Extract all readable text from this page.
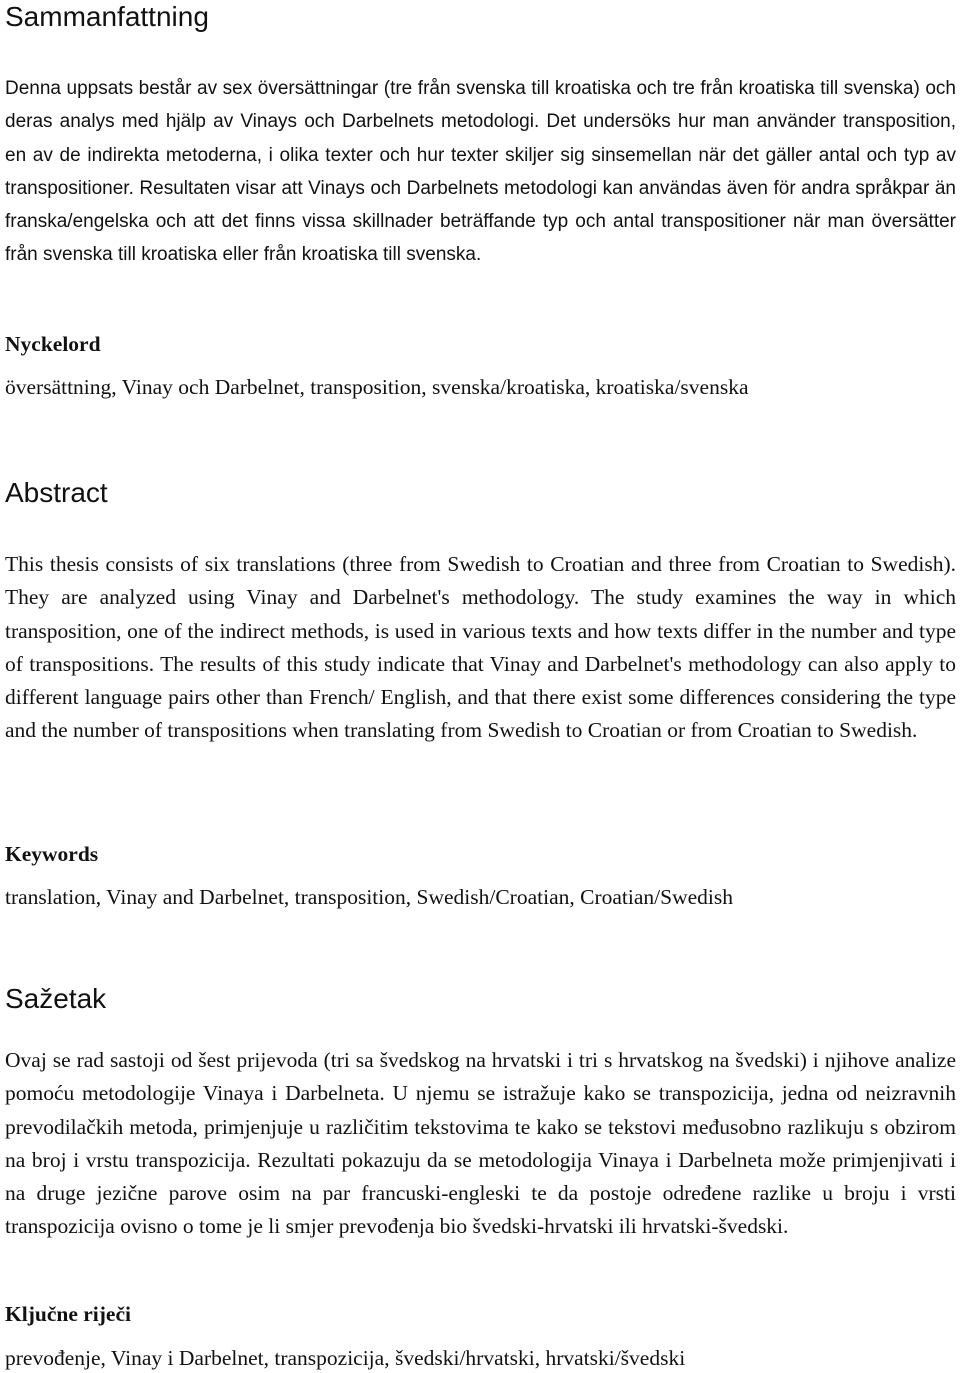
Sammanfattning

Denna uppsats består av sex översättningar (tre från svenska till kroatiska och tre från kroatiska till svenska) och deras analys med hjälp av Vinays och Darbelnets metodologi. Det undersöks hur man använder transposition, en av de indirekta metoderna, i olika texter och hur texter skiljer sig sinsemellan när det gäller antal och typ av transpositioner. Resultaten visar att Vinays och Darbelnets metodologi kan användas även för andra språkpar än franska/engelska och att det finns vissa skillnader beträffande typ och antal transpositioner när man översätter från svenska till kroatiska eller från kroatiska till svenska.

Nyckelord

översättning, Vinay och Darbelnet, transposition, svenska/kroatiska, kroatiska/svenska

Abstract

This thesis consists of six translations (three from Swedish to Croatian and three from Croatian to Swedish). They are analyzed using Vinay and Darbelnet's methodology. The study examines the way in which transposition, one of the indirect methods, is used in various texts and how texts differ in the number and type of transpositions. The results of this study indicate that Vinay and Darbelnet's methodology can also apply to different language pairs other than French/ English, and that there exist some differences considering the type and the number of transpositions when translating from Swedish to Croatian or from Croatian to Swedish.

Keywords

translation, Vinay and Darbelnet, transposition, Swedish/Croatian, Croatian/Swedish

Sažetak

Ovaj se rad sastoji od šest prijevoda (tri sa švedskog na hrvatski i tri s hrvatskog na švedski) i njihove analize pomoću metodologije Vinaya i Darbelneta. U njemu se istražuje kako se transpozicija, jedna od neizravnih prevodilačkih metoda, primjenjuje u različitim tekstovima te kako se tekstovi međusobno razlikuju s obzirom na broj i vrstu transpozicija. Rezultati pokazuju da se metodologija Vinaya i Darbelneta može primjenjivati i na druge jezične parove osim na par francuski-engleski te da postoje određene razlike u broju i vrsti transpozicija ovisno o tome je li smjer prevođenja bio švedski-hrvatski ili hrvatski-švedski.

Ključne riječi

prevođenje, Vinay i Darbelnet, transpozicija, švedski/hrvatski, hrvatski/švedski
